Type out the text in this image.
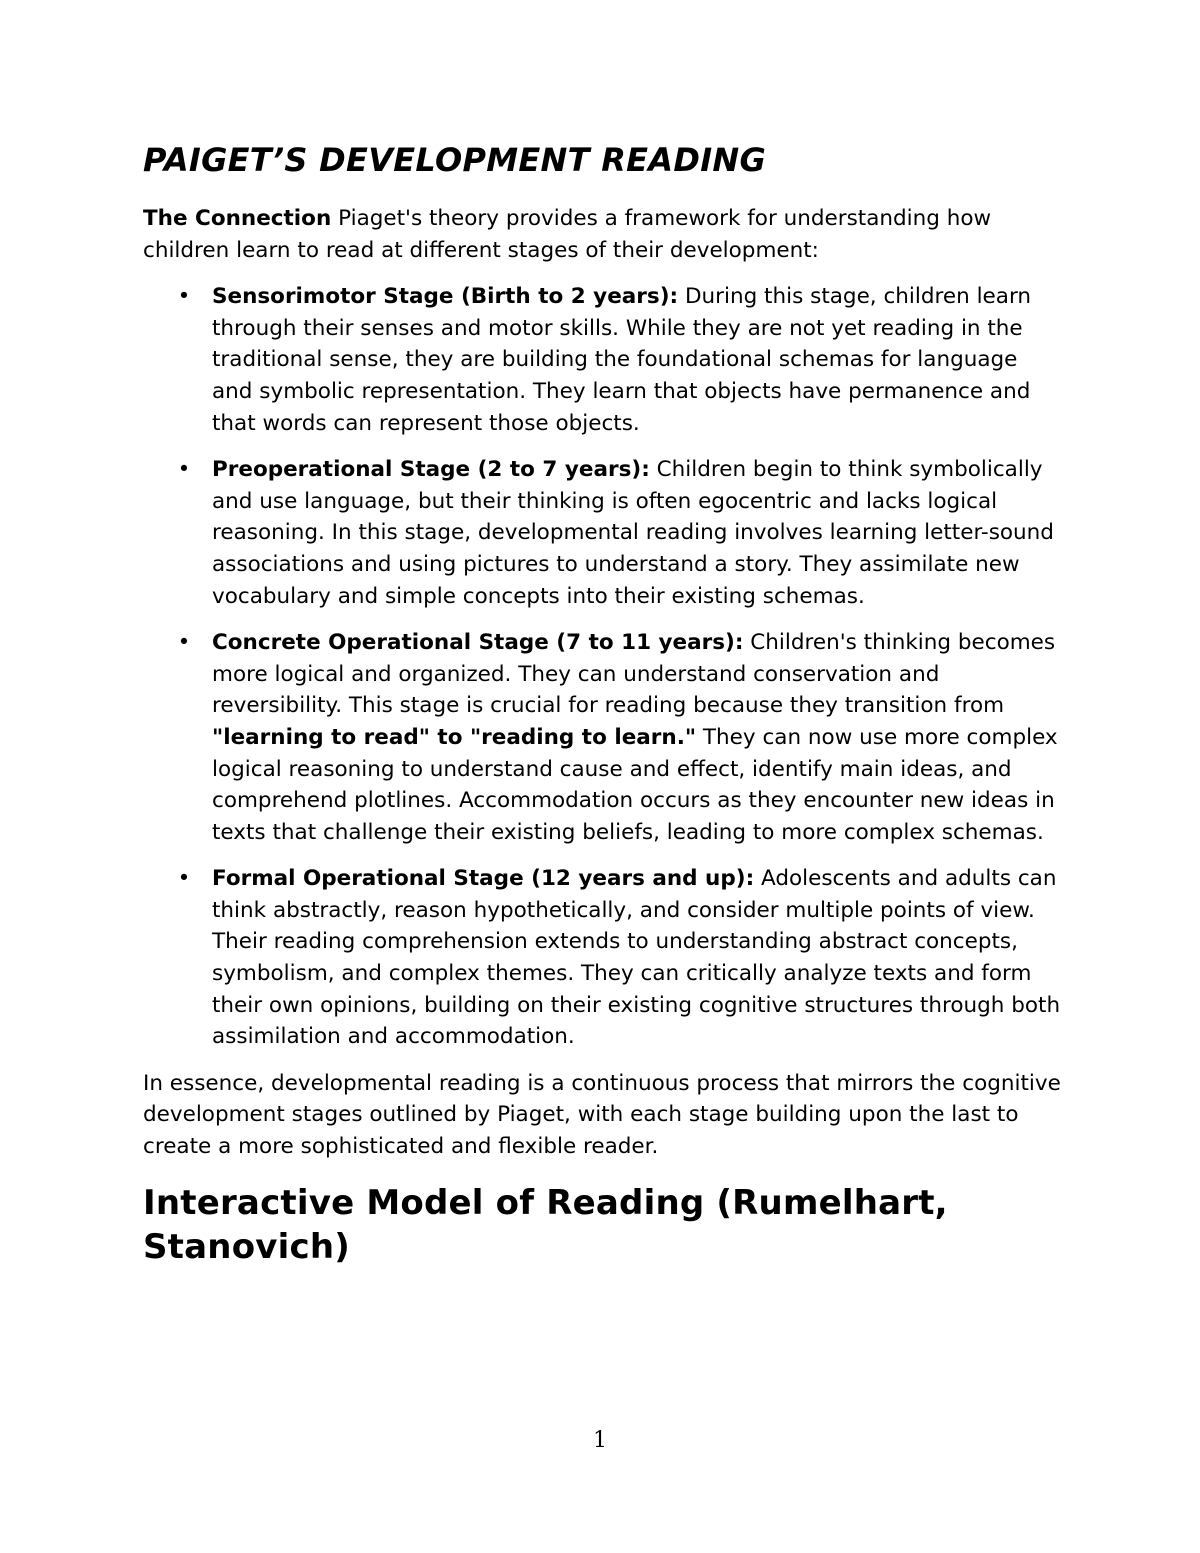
PAIGET’S DEVELOPMENT READING

The Connection Piaget's theory provides a framework for understanding how children learn to read at different stages of their development:

• Sensorimotor Stage (Birth to 2 years): During this stage, children learn through their senses and motor skills. While they are not yet reading in the traditional sense, they are building the foundational schemas for language and symbolic representation. They learn that objects have permanence and that words can represent those objects.
• Preoperational Stage (2 to 7 years): Children begin to think symbolically and use language, but their thinking is often egocentric and lacks logical reasoning. In this stage, developmental reading involves learning letter-sound associations and using pictures to understand a story. They assimilate new vocabulary and simple concepts into their existing schemas.
• Concrete Operational Stage (7 to 11 years): Children's thinking becomes more logical and organized. They can understand conservation and reversibility. This stage is crucial for reading because they transition from "learning to read" to "reading to learn." They can now use more complex logical reasoning to understand cause and effect, identify main ideas, and comprehend plotlines. Accommodation occurs as they encounter new ideas in texts that challenge their existing beliefs, leading to more complex schemas.
• Formal Operational Stage (12 years and up): Adolescents and adults can think abstractly, reason hypothetically, and consider multiple points of view. Their reading comprehension extends to understanding abstract concepts, symbolism, and complex themes. They can critically analyze texts and form their own opinions, building on their existing cognitive structures through both assimilation and accommodation.

In essence, developmental reading is a continuous process that mirrors the cognitive development stages outlined by Piaget, with each stage building upon the last to create a more sophisticated and flexible reader.

Interactive Model of Reading (Rumelhart, Stanovich)
1
